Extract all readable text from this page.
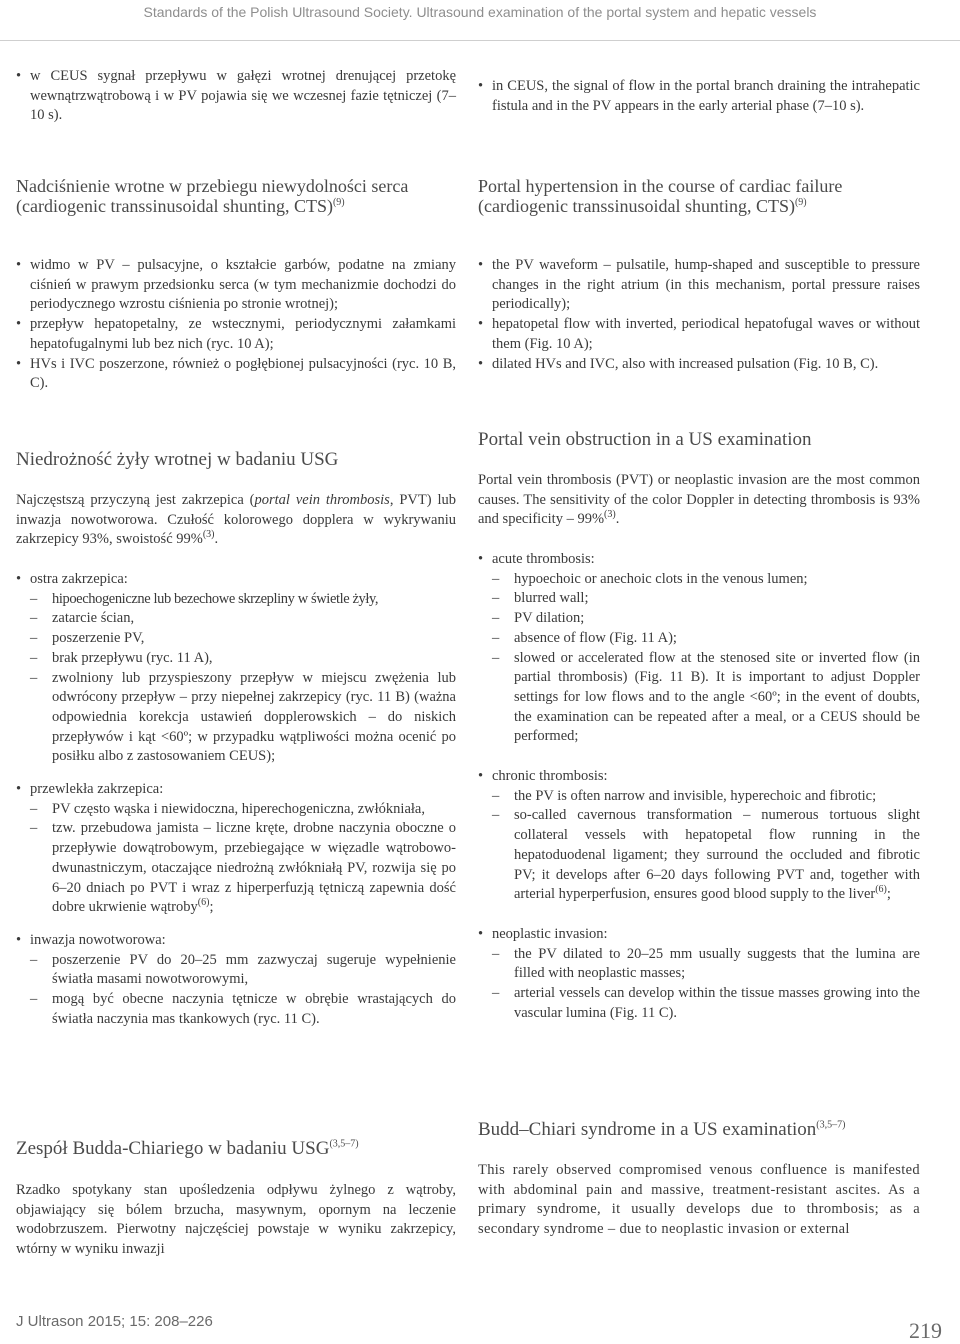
Standards of the Polish Ultrasound Society. Ultrasound examination of the portal system and hepatic vessels
• w CEUS sygnał przepływu w gałęzi wrotnej drenującej przetokę wewnątrzwątrobową i w PV pojawia się we wczesnej fazie tętniczej (7–10 s).
Nadciśnienie wrotne w przebiegu niewydolności serca (cardiogenic transsinusoidal shunting, CTS)$^{(9)}$
• widmo w PV – pulsacyjne, o kształcie garbów, podatne na zmiany ciśnień w prawym przedsionku serca (w tym mechanizmie dochodzi do periodycznego wzrostu ciśnienia po stronie wrotnej);
• przepływ hepatopetalny, ze wstecznymi, periodycznymi załamkami hepatofugalnymi lub bez nich (ryc. 10 A);
• HVs i IVC poszerzone, również o pogłębionej pulsacyjności (ryc. 10 B, C).
Niedrożność żyły wrotnej w badaniu USG

Najczęstszą przyczyną jest zakrzepica (portal vein thrombosis, PVT) lub inwazja nowotworowa. Czułość kolorowego dopplera w wykrywaniu zakrzepicy 93%, swoistość 99%$^{(3)}$.

• ostra zakrzepica:
– hipoechogeniczne lub bezechowe skrzepliny w świetle żyły,
– zatarcie ścian,
– poszerzenie PV,
– brak przepływu (ryc. 11 A),
– zwolniony lub przyspieszony przepływ w miejscu zwężenia lub odwrócony przepływ – przy niepełnej zakrzepicy (ryc. 11 B) (ważna odpowiednia korekcja ustawień dopplerowskich – do niskich przepływów i kąt <60º; w przypadku wątpliwości można ocenić po posiłku albo z zastosowaniem CEUS);
• przewlekła zakrzepica:
– PV często wąska i niewidoczna, hiperechogeniczna, zwłókniała,
– tzw. przebudowa jamista – liczne kręte, drobne naczynia oboczne o przepływie dowątrobowym, przebiegające w więzadle wątrobowo-dwunastniczym, otaczające niedrożną zwłókniałą PV, rozwija się po 6–20 dniach po PVT i wraz z hiperperfuzją tętniczą zapewnia dość dobre ukrwienie wątroby$^{(6)}$;
• inwazja nowotworowa:
– poszerzenie PV do 20–25 mm zazwyczaj sugeruje wypełnienie światła masami nowotworowymi,
– mogą być obecne naczynia tętnicze w obrębie wrastających do światła naczynia mas tkankowych (ryc. 11 C).
Zespół Budda-Chiariego w badaniu USG$^{(3,5-7)}$

Rzadko spotykany stan upośledzenia odpływu żylnego z wątroby, objawiający się bólem brzucha, masywnym, opornym na leczenie wodobrzuszem. Pierwotny najczęściej powstaje w wyniku zakrzepicy, wtórny w wyniku inwazji

• in CEUS, the signal of flow in the portal branch draining the intrahepatic fistula and in the PV appears in the early arterial phase (7–10 s).
Portal hypertension in the course of cardiac failure (cardiogenic transsinusoidal shunting, CTS)$^{(9)}$
• the PV waveform – pulsatile, hump-shaped and susceptible to pressure changes in the right atrium (in this mechanism, portal pressure raises periodically);
• hepatopetal flow with inverted, periodical hepatofugal waves or without them (Fig. 10 A);
• dilated HVs and IVC, also with increased pulsation (Fig. 10 B, C).
Portal vein obstruction in a US examination

Portal vein thrombosis (PVT) or neoplastic invasion are the most common causes. The sensitivity of the color Doppler in detecting thrombosis is 93% and specificity – 99%$^{(3)}$.

• acute thrombosis:
– hypoechoic or anechoic clots in the venous lumen;
– blurred wall;
– PV dilation;
– absence of flow (Fig. 11 A);
– slowed or accelerated flow at the stenosed site or inverted flow (in partial thrombosis) (Fig. 11 B). It is important to adjust Doppler settings for low flows and to the angle <60º; in the event of doubts, the examination can be repeated after a meal, or a CEUS should be performed;
• chronic thrombosis:
– the PV is often narrow and invisible, hyperechoic and fibrotic;
– so-called cavernous transformation – numerous tortuous slight collateral vessels with hepatopetal flow running in the hepatoduodenal ligament; they surround the occluded and fibrotic PV; it develops after 6–20 days following PVT and, together with arterial hyperperfusion, ensures good blood supply to the liver$^{(6)}$;
• neoplastic invasion:
– the PV dilated to 20–25 mm usually suggests that the lumina are filled with neoplastic masses;
– arterial vessels can develop within the tissue masses growing into the vascular lumina (Fig. 11 C).
Budd–Chiari syndrome in a US examination$^{(3,5-7)}$

This rarely observed compromised venous confluence is manifested with abdominal pain and massive, treatment-resistant ascites. As a primary syndrome, it usually develops due to thrombosis; as a secondary syndrome – due to neoplastic invasion or external

J Ultrason 2015; 15: 208–226	219
